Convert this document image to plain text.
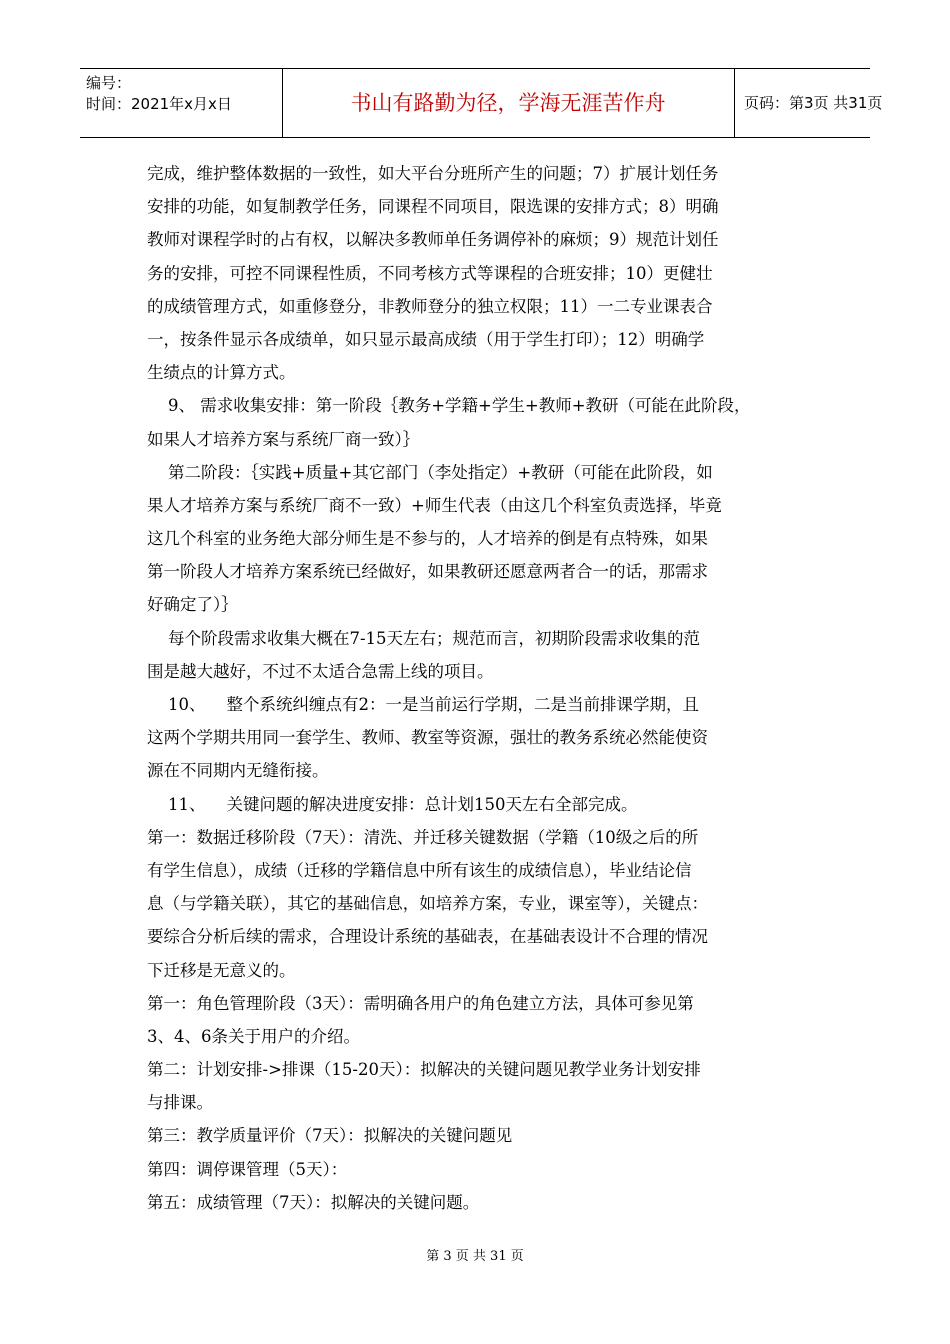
编号：
时间：2021年x月x日	书山有路勤为径，学海无涯苦作舟	页码：第3页 共31页
完成，维护整体数据的一致性，如大平台分班所产生的问题；7）扩展计划任务
安排的功能，如复制教学任务，同课程不同项目，限选课的安排方式；8）明确
教师对课程学时的占有权，以解决多教师单任务调停补的麻烦；9）规范计划任
务的安排，可控不同课程性质，不同考核方式等课程的合班安排；10）更健壮
的成绩管理方式，如重修登分，非教师登分的独立权限；11）一二专业课表合
一，按条件显示各成绩单，如只显示最高成绩（用于学生打印）；12）明确学
生绩点的计算方式。
9、 需求收集安排：第一阶段｛教务+学籍+学生+教师+教研（可能在此阶段，
如果人才培养方案与系统厂商一致）｝
第二阶段：｛实践+质量+其它部门（李处指定）+教研（可能在此阶段，如
果人才培养方案与系统厂商不一致）+师生代表（由这几个科室负责选择，毕竟
这几个科室的业务绝大部分师生是不参与的，人才培养的倒是有点特殊，如果
第一阶段人才培养方案系统已经做好，如果教研还愿意两者合一的话，那需求
好确定了）｝
每个阶段需求收集大概在7-15天左右；规范而言，初期阶段需求收集的范
围是越大越好，不过不太适合急需上线的项目。
10、    整个系统纠缠点有2：一是当前运行学期，二是当前排课学期，且
这两个学期共用同一套学生、教师、教室等资源，强壮的教务系统必然能使资
源在不同期内无缝衔接。
11、    关键问题的解决进度安排：总计划150天左右全部完成。
第一：数据迁移阶段（7天）：清洗、并迁移关键数据（学籍（10级之后的所
有学生信息），成绩（迁移的学籍信息中所有该生的成绩信息），毕业结论信
息（与学籍关联），其它的基础信息，如培养方案，专业，课室等），关键点：
要综合分析后续的需求，合理设计系统的基础表，在基础表设计不合理的情况
下迁移是无意义的。
第一：角色管理阶段（3天）：需明确各用户的角色建立方法，具体可参见第
3、4、6条关于用户的介绍。
第二：计划安排->排课（15-20天）：拟解决的关键问题见教学业务计划安排
与排课。
第三：教学质量评价（7天）：拟解决的关键问题见
第四：调停课管理（5天）：
第五：成绩管理（7天）：拟解决的关键问题。
第 3 页 共 31 页
